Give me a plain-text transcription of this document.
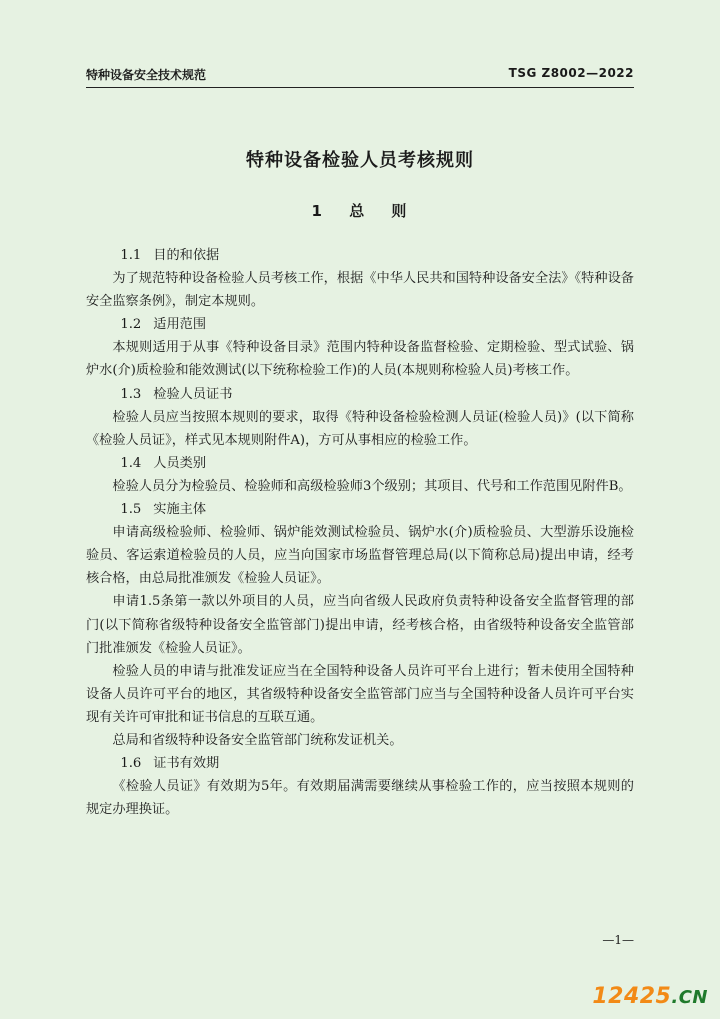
特种设备安全技术规范	TSG Z8002—2022
特种设备检验人员考核规则
1 总 则

1.1 目的和依据

为了规范特种设备检验人员考核工作，根据《中华人民共和国特种设备安全法》《特种设备安全监察条例》，制定本规则。

1.2 适用范围

本规则适用于从事《特种设备目录》范围内特种设备监督检验、定期检验、型式试验、锅炉水(介)质检验和能效测试(以下统称检验工作)的人员(本规则称检验人员)考核工作。

1.3 检验人员证书

检验人员应当按照本规则的要求，取得《特种设备检验检测人员证(检验人员)》(以下简称《检验人员证》，样式见本规则附件A)，方可从事相应的检验工作。

1.4 人员类别

检验人员分为检验员、检验师和高级检验师3个级别；其项目、代号和工作范围见附件B。

1.5 实施主体

申请高级检验师、检验师、锅炉能效测试检验员、锅炉水(介)质检验员、大型游乐设施检验员、客运索道检验员的人员，应当向国家市场监督管理总局(以下简称总局)提出申请，经考核合格，由总局批准颁发《检验人员证》。

申请1.5条第一款以外项目的人员，应当向省级人民政府负责特种设备安全监督管理的部门(以下简称省级特种设备安全监管部门)提出申请，经考核合格，由省级特种设备安全监管部门批准颁发《检验人员证》。

检验人员的申请与批准发证应当在全国特种设备人员许可平台上进行；暂未使用全国特种设备人员许可平台的地区，其省级特种设备安全监管部门应当与全国特种设备人员许可平台实现有关许可审批和证书信息的互联互通。

总局和省级特种设备安全监管部门统称发证机关。

1.6 证书有效期

《检验人员证》有效期为5年。有效期届满需要继续从事检验工作的，应当按照本规则的规定办理换证。

—1—
12425.CN
